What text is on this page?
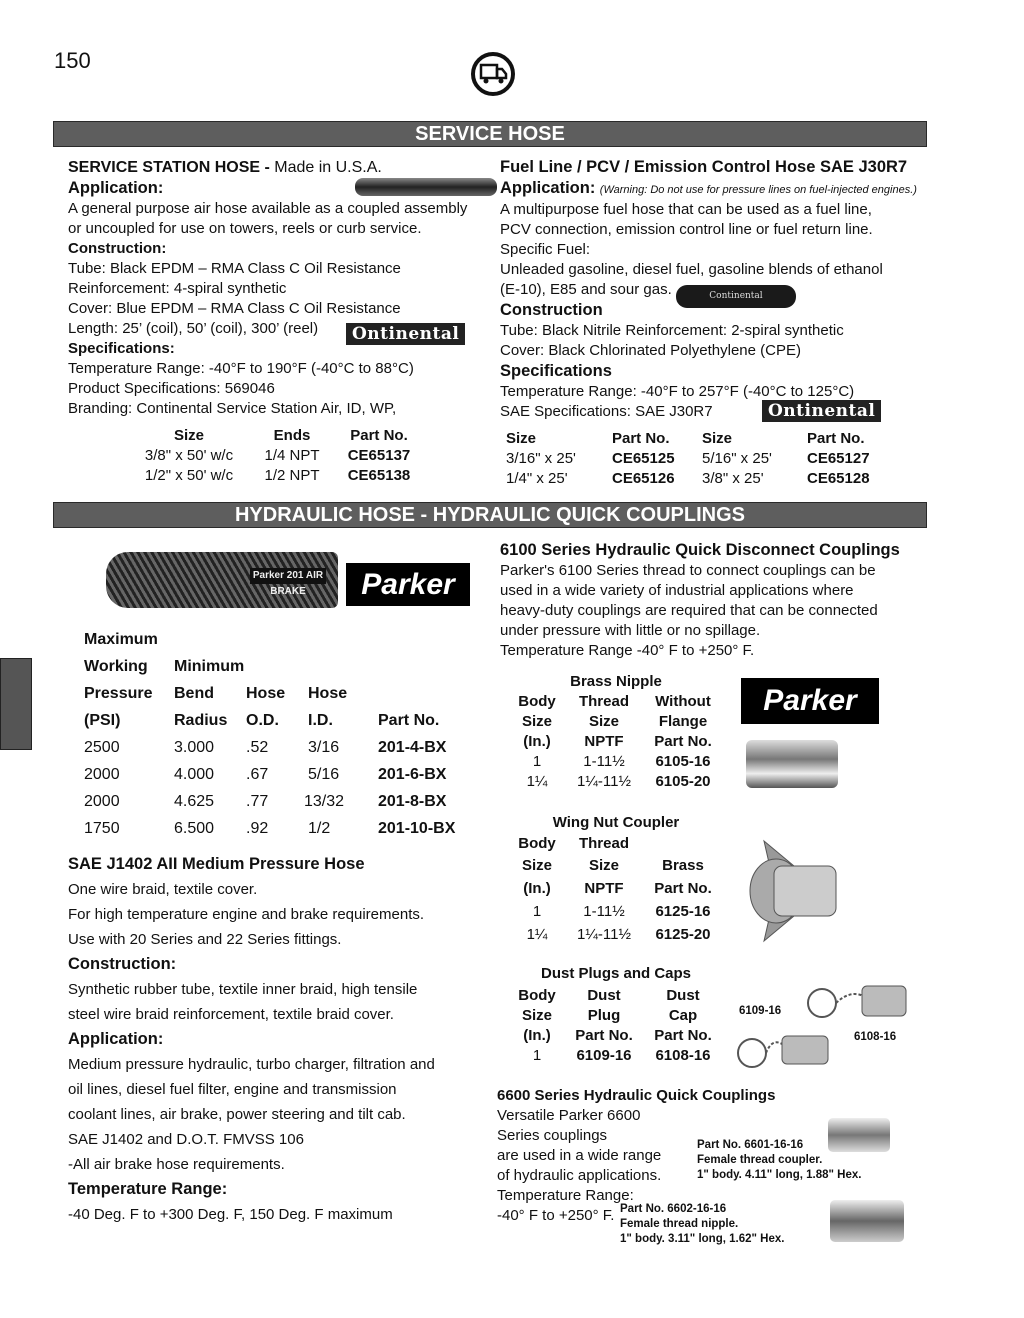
150
SERVICE HOSE
SERVICE STATION HOSE - Made in U.S.A.
Application:
A general purpose air hose available as a coupled assembly
or uncoupled for use on towers, reels or curb service.
Construction:
Tube: Black EPDM – RMA Class C Oil Resistance
Reinforcement: 4-spiral synthetic
Cover: Blue EPDM – RMA Class C Oil Resistance
Length: 25’ (coil), 50’ (coil), 300’ (reel)
Specifications:
Temperature Range: -40°F to 190°F (-40°C to 88°C)
Product Specifications: 569046
Branding: Continental Service Station Air, ID, WP,
Ontinental
Size	Ends	Part No.
3/8" x 50' w/c	1/4 NPT	CE65137
1/2" x 50' w/c	1/2 NPT	CE65138
Fuel Line / PCV / Emission Control Hose SAE J30R7
Application: (Warning: Do not use for pressure lines on fuel-injected engines.)
A multipurpose fuel hose that can be used as a fuel line,
PCV connection, emission control line or fuel return line.
Specific Fuel:
Unleaded gasoline, diesel fuel, gasoline blends of ethanol
(E-10), E85 and sour gas.
Construction
Tube: Black Nitrile Reinforcement: 2-spiral synthetic
Cover: Black Chlorinated Polyethylene (CPE)
Specifications
Temperature Range: -40°F to 257°F (-40°C to 125°C)
SAE Specifications: SAE J30R7
Continental
Ontinental
Size	Part No.	Size	Part No.
3/16" x 25'	CE65125	5/16" x 25'	CE65127
1/4" x 25'	CE65126	3/8" x 25'	CE65128
HYDRAULIC HOSE - HYDRAULIC QUICK COUPLINGS
Parker 201 AIR BRAKE	Parker
Maximum				
Working	Minimum			
Pressure	Bend	Hose	Hose	
(PSI)	Radius	O.D.	I.D.	Part No.
2500	3.000	.52	3/16	201-4-BX
2000	4.000	.67	5/16	201-6-BX
2000	4.625	.77	13/32	201-8-BX
1750	6.500	.92	1/2	201-10-BX
SAE J1402 AII Medium Pressure Hose
One wire braid, textile cover.
For high temperature engine and brake requirements.
Use with 20 Series and 22 Series fittings.
Construction:
Synthetic rubber tube, textile inner braid, high tensile
steel wire braid reinforcement, textile braid cover.
Application:
Medium pressure hydraulic, turbo charger, filtration and
oil lines, diesel fuel filter, engine and transmission
coolant lines, air brake, power steering and tilt cab.
SAE J1402 and D.O.T. FMVSS 106
-All air brake hose requirements.
Temperature Range:
-40 Deg. F to +300 Deg. F, 150 Deg. F maximum
6100 Series Hydraulic Quick Disconnect Couplings
Parker's 6100 Series thread to connect couplings can be
used in a wide variety of industrial applications where
heavy-duty couplings are required that can be connected
under pressure with little or no spillage.
Temperature Range -40° F to +250° F.
Brass Nipple		
Body	Thread	Without
Size	Size	Flange
(In.)	NPTF	Part No.
1	1-11½	6105-16
1¼	1¼-11½	6105-20
Parker
Wing Nut Coupler		
Body	Thread	
Size	Size	Brass
(In.)	NPTF	Part No.
1	1-11½	6125-16
1¼	1¼-11½	6125-20
Dust Plugs and Caps		
Body	Dust	Dust
Size	Plug	Cap
(In.)	Part No.	Part No.
1	6109-16	6108-16
6109-16
6108-16
6600 Series Hydraulic Quick Couplings
Versatile Parker 6600
Series couplings
are used in a wide range
of hydraulic applications.
Temperature Range:
-40° F to +250° F.
Part No. 6601-16-16
Female thread coupler.
1" body. 4.11" long, 1.88" Hex.
Part No. 6602-16-16
Female thread nipple.
1" body. 3.11" long, 1.62" Hex.
